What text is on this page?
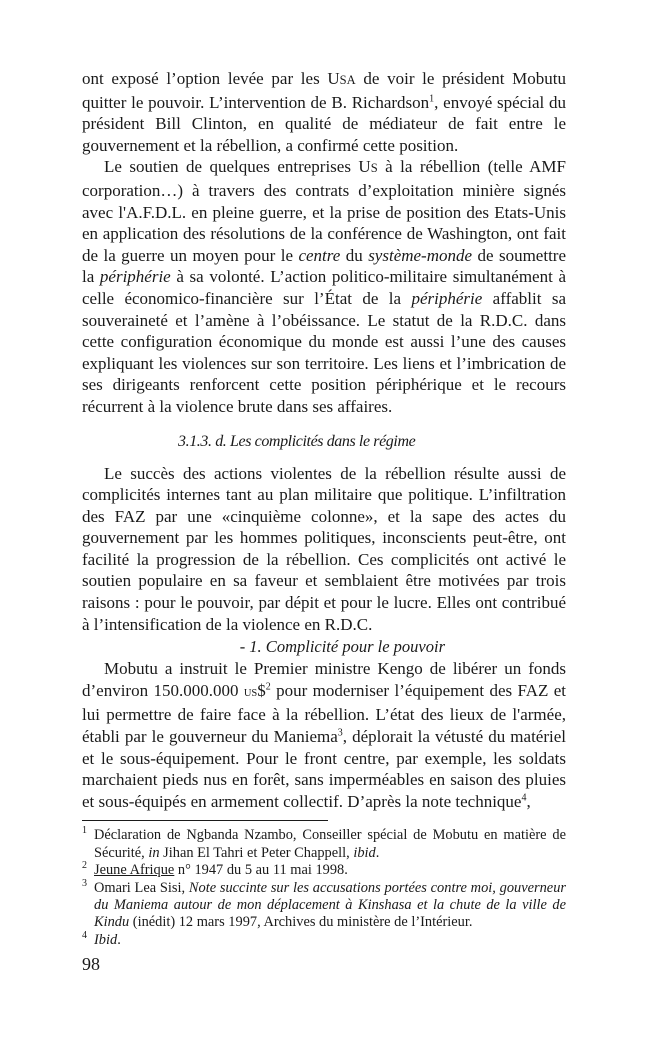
ont exposé l’option levée par les USA de voir le président Mobutu quitter le pouvoir. L’intervention de B. Richardson$^1$, envoyé spécial du président Bill Clinton, en qualité de médiateur de fait entre le gouvernement et la rébellion, a confirmé cette position.

Le soutien de quelques entreprises US à la rébellion (telle AMF corporation…) à travers des contrats d’exploitation minière signés avec l'A.F.D.L. en pleine guerre, et la prise de position des Etats-Unis en application des résolutions de la conférence de Washington, ont fait de la guerre un moyen pour le centre du système-monde de soumettre la périphérie à sa volonté. L’action politico-militaire simultanément à celle économico-financière sur l’État de la périphérie affablit sa souveraineté et l’amène à l’obéissance. Le statut de la R.D.C. dans cette configuration économique du monde est aussi l’une des causes expliquant les violences sur son territoire. Les liens et l’imbrication de ses dirigeants renforcent cette position périphérique et le recours récurrent à la violence brute dans ses affaires.

3.1.3. d. Les complicités dans le régime

Le succès des actions violentes de la rébellion résulte aussi de complicités internes tant au plan militaire que politique. L’infiltration des FAZ par une «cinquième colonne», et la sape des actes du gouvernement par les hommes politiques, inconscients peut-être, ont facilité la progression de la rébellion. Ces complicités ont activé le soutien populaire en sa faveur et semblaient être motivées par trois raisons : pour le pouvoir, par dépit et pour le lucre. Elles ont contribué à l’intensification de la violence en R.D.C.

- 1. Complicité pour le pouvoir

Mobutu a instruit le Premier ministre Kengo de libérer un fonds d’environ 150.000.000 US\$$^2$ pour moderniser l’équipement des FAZ et lui permettre de faire face à la rébellion. L’état des lieux de l'armée, établi par le gouverneur du Maniema$^3$, déplorait la vétusté du matériel et le sous-équipement. Pour le front centre, par exemple, les soldats marchaient pieds nus en forêt, sans imperméables en saison des pluies et sous-équipés en armement collectif. D’après la note technique$^4$,

1 Déclaration de Ngbanda Nzambo, Conseiller spécial de Mobutu en matière de Sécurité, in Jihan El Tahri et Peter Chappell, ibid.
2 Jeune Afrique n° 1947 du 5 au 11 mai 1998.
3 Omari Lea Sisi, Note succinte sur les accusations portées contre moi, gouverneur du Maniema autour de mon déplacement à Kinshasa et la chute de la ville de Kindu (inédit) 12 mars 1997, Archives du ministère de l’Intérieur.
4 Ibid.
98
